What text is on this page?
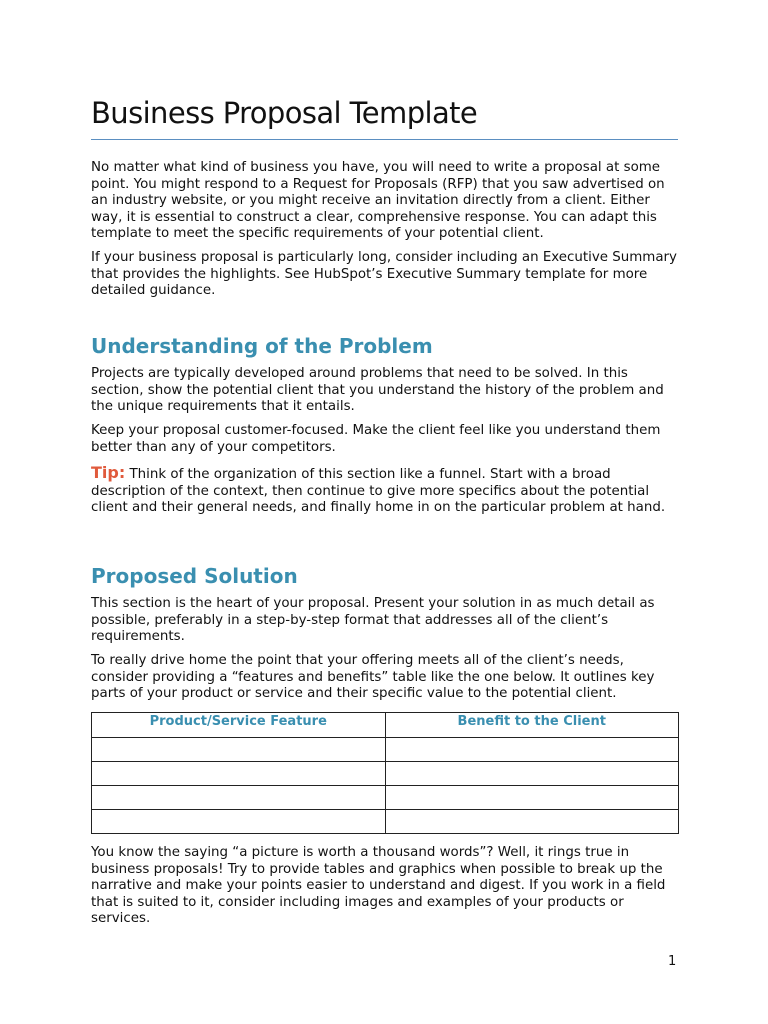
Business Proposal Template

No matter what kind of business you have, you will need to write a proposal at some point. You might respond to a Request for Proposals (RFP) that you saw advertised on an industry website, or you might receive an invitation directly from a client. Either way, it is essential to construct a clear, comprehensive response. You can adapt this template to meet the specific requirements of your potential client.

If your business proposal is particularly long, consider including an Executive Summary that provides the highlights. See HubSpot’s Executive Summary template for more detailed guidance.

Understanding of the Problem

Projects are typically developed around problems that need to be solved. In this section, show the potential client that you understand the history of the problem and the unique requirements that it entails.

Keep your proposal customer-focused. Make the client feel like you understand them better than any of your competitors.

Tip: Think of the organization of this section like a funnel. Start with a broad description of the context, then continue to give more specifics about the potential client and their general needs, and finally home in on the particular problem at hand.

Proposed Solution

This section is the heart of your proposal. Present your solution in as much detail as possible, preferably in a step-by-step format that addresses all of the client’s requirements.

To really drive home the point that your offering meets all of the client’s needs, consider providing a “features and benefits” table like the one below. It outlines key parts of your product or service and their specific value to the potential client.

Product/Service Feature	Benefit to the Client

You know the saying “a picture is worth a thousand words”? Well, it rings true in business proposals! Try to provide tables and graphics when possible to break up the narrative and make your points easier to understand and digest. If you work in a field that is suited to it, consider including images and examples of your products or services.

1
